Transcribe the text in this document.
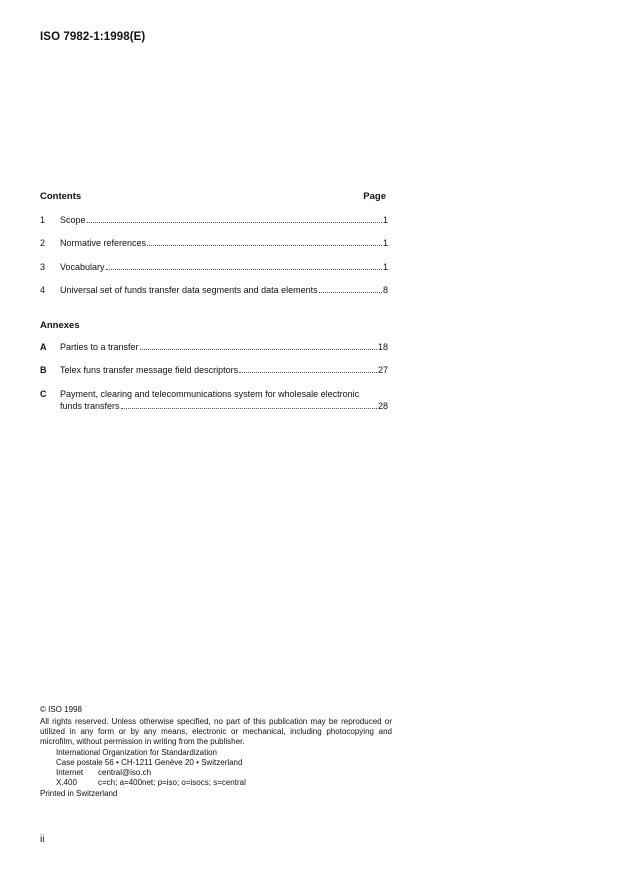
ISO 7982-1:1998(E)
Contents	Page
1	Scope	1
2	Normative references	1
3	Vocabulary	1
4	Universal set of funds transfer data segments and data elements	8
Annexes
A	Parties to a transfer	18
B	Telex funs transfer message field descriptors	27
C Payment, clearing and telecommunications system for wholesale electronic
funds transfers	28
© ISO 1998
All rights reserved. Unless otherwise specified, no part of this publication may be reproduced or utilized in any form or by any means, electronic or mechanical, including photocopying and microfilm, without permission in writing from the publisher.
International Organization for Standardization
Case postale 56 • CH-1211 Genève 20 • Switzerland
Internet central@iso.ch
X.400	c=ch; a=400net; p=iso; o=isocs; s=central
Printed in Switzerland
ii
